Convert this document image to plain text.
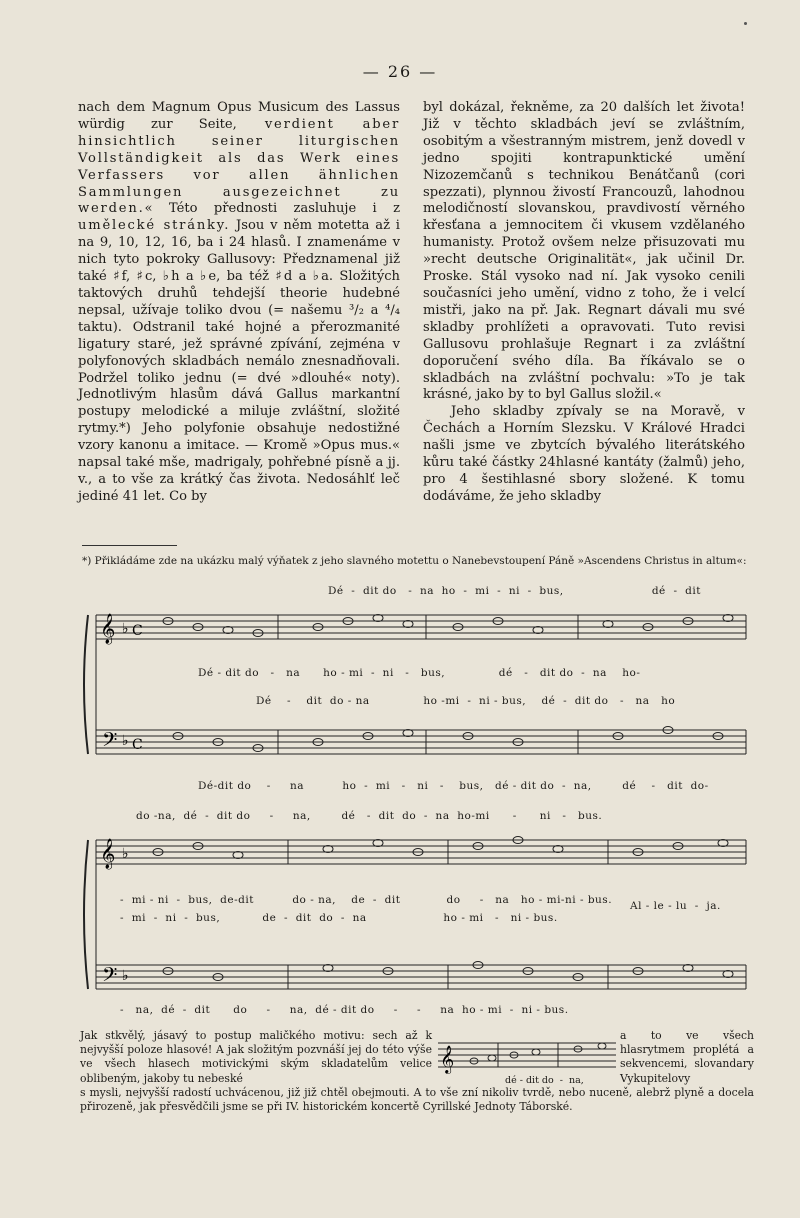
— 26 —

nach dem Magnum Opus Musicum des Lassus würdig zur Seite, verdient aber hinsichtlich seiner liturgischen Vollständigkeit als das Werk eines Verfassers vor allen ähnlichen Sammlungen ausgezeichnet zu werden.« Této přednosti zasluhuje i z umělecké stránky. Jsou v něm motetta až i na 9, 10, 12, 16, ba i 24 hlasů. I znamenáme v nich tyto pokroky Gallusovy: Předznamenal již také ♯f, ♯c, ♭h a ♭e, ba též ♯d a ♭a. Složitých taktových druhů tehdejší theorie hudebné nepsal, užívaje toliko dvou (= našemu ³/₂ a ⁴/₄ taktu). Odstranil také hojné a přerozmanité ligatury staré, jež správné zpívání, zejména v polyfonových skladbách nemálo znesnadňovali. Podržel toliko jednu (= dvé »dlouhé« noty). Jednotlivým hlasům dává Gallus markantní postupy melodické a miluje zvláštní, složité rytmy.*) Jeho polyfonie obsahuje nedostižné vzory kanonu a imitace. — Kromě »Opus mus.« napsal také mše, madrigaly, pohřebné písně a jj. v., a to vše za krátký čas života. Nedosáhlť leč jediné 41 let. Co by

byl dokázal, řekněme, za 20 dalších let života! Již v těchto skladbách jeví se zvláštním, osobitým a všestranným mistrem, jenž dovedl v jedno spojiti kontrapunktické umění Nizozemčanů s technikou Benátčanů (cori spezzati), plynnou živostí Francouzů, lahodnou melodičností slovanskou, pravdivostí věrného křesťana a jemnocitem či vkusem vzdělaného humanisty. Protož ovšem nelze přisuzovati mu »recht deutsche Originalität«, jak učinil Dr. Proske. Stál vysoko nad ní. Jak vysoko cenili současníci jeho umění, vidno z toho, že i velcí mistři, jako na př. Jak. Regnart dávali mu své skladby prohlížeti a opravovati. Tuto revisi Gallusovu prohlašuje Regnart i za zvláštní doporučení svého díla. Ba říkávalo se o skladbách na zvláštní pochvalu: »To je tak krásné, jako by to byl Gallus složil.«

Jeho skladby zpívaly se na Moravě, v Čechách a Horním Slezsku. V Králové Hradci našli jsme ve zbytcích bývalého literátského kůru také částky 24hlasné kantáty (žalmů) jeho, pro 4 šestihlasné sbory složené. K tomu dodáváme, že jeho skladby

*) Přikládáme zde na ukázku malý výňatek z jeho slavného motettu o Nanebevstoupení Páně »Ascendens Christus in altum«:
Dé  -  dit do   -  na  ho  -  mi  -  ni  -  bus,                       dé  -  dit
𝄞
𝄢
♭
♭
C
C
Dé - dit do   -   na      ho - mi  -  ni   -   bus,              dé   -   dit do  -  na    ho-
Dé    -    dit  do - na              ho -mi  -  ni - bus,    dé  -  dit do   -   na   ho
Dé-dit do    -     na          ho  -  mi   -   ni   -    bus,   dé - dit do  -  na,        dé    -   dit  do-
do -na,  dé  -  dit do     -     na,        dé   -  dit  do  -  na  ho-mi      -      ni   -   bus.
𝄞
𝄢
♭
♭
-  mi - ni  -  bus,  de-dit          do - na,    de  -  dit            do     -   na   ho - mi-ni - bus.
-  mi  -  ni  -  bus,           de  -  dit  do  -  na                    ho - mi   -   ni - bus.
Al - le - lu  -  ja.
-   na,  dé  -  dit      do     -     na,  dé - dit do     -     -     na  ho - mi  -  ni - bus.
Jak stkvělý, jásavý to postup maličkého motivu: sech až k nejvyšší poloze hlasové! A jak složitým pozvnáší jej do této výše ve všech hlasech motivickými ským skladatelům velice oblibeným, jakoby tu nebeské
𝄞
dé - dit do  -  na,
a to ve všech hlasrytmem proplétá a sekvencemi, slovandary Vykupitelovy
s mysli, nejvyšší radostí uchvácenou, již již chtěl obejmouti. A to vše zní nikoliv tvrdě, nebo nuceně, alebrž plyně a docela přirozeně, jak přesvědčili jsme se při IV. historickém koncertě Cyrillské Jednoty Táborské.
